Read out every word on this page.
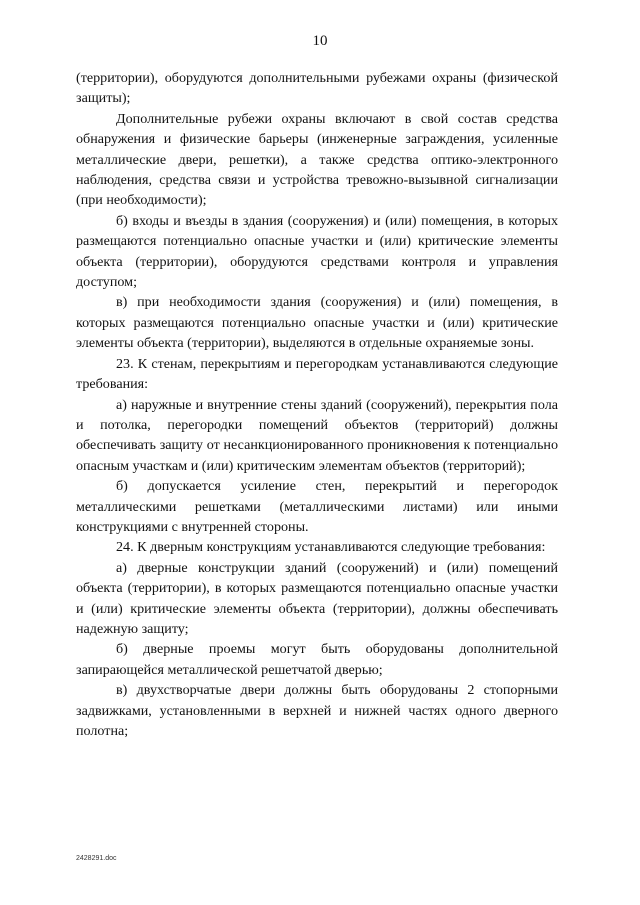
10

(территории), оборудуются дополнительными рубежами охраны (физической защиты);

Дополнительные рубежи охраны включают в свой состав средства обнаружения и физические барьеры (инженерные заграждения, усиленные металлические двери, решетки), а также средства оптико-электронного наблюдения, средства связи и устройства тревожно-вызывной сигнализации (при необходимости);

б) входы и въезды в здания (сооружения) и (или) помещения, в которых размещаются потенциально опасные участки и (или) критические элементы объекта (территории), оборудуются средствами контроля и управления доступом;

в) при необходимости здания (сооружения) и (или) помещения, в которых размещаются потенциально опасные участки и (или) критические элементы объекта (территории), выделяются в отдельные охраняемые зоны.

23. К стенам, перекрытиям и перегородкам устанавливаются следующие требования:

а) наружные и внутренние стены зданий (сооружений), перекрытия пола и потолка, перегородки помещений объектов (территорий) должны обеспечивать защиту от несанкционированного проникновения к потенциально опасным участкам и (или) критическим элементам объектов (территорий);

б) допускается усиление стен, перекрытий и перегородок металлическими решетками (металлическими листами) или иными конструкциями с внутренней стороны.

24. К дверным конструкциям устанавливаются следующие требования:

а) дверные конструкции зданий (сооружений) и (или) помещений объекта (территории), в которых размещаются потенциально опасные участки и (или) критические элементы объекта (территории), должны обеспечивать надежную защиту;

б) дверные проемы могут быть оборудованы дополнительной запирающейся металлической решетчатой дверью;

в) двухстворчатые двери должны быть оборудованы 2 стопорными задвижками, установленными в верхней и нижней частях одного дверного полотна;

2428291.doc
